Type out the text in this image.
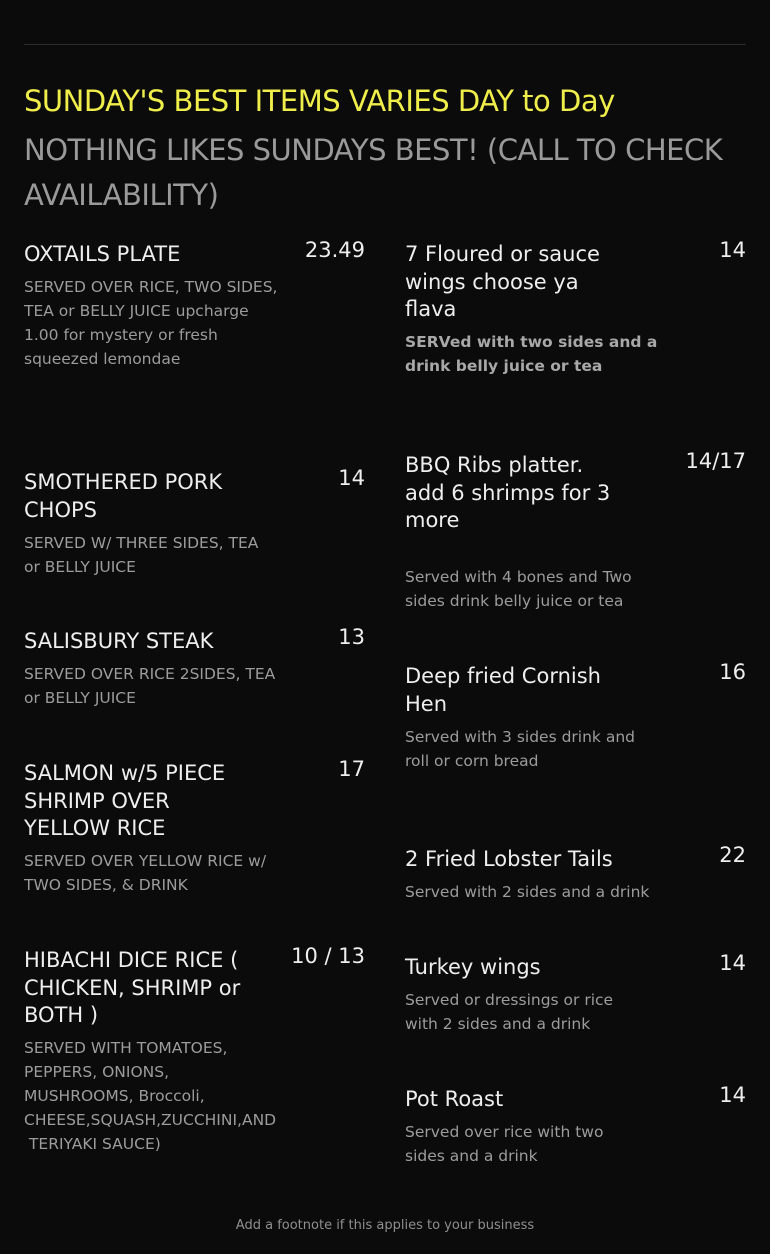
SUNDAY'S BEST ITEMS VARIES DAY to Day
NOTHING LIKES SUNDAYS BEST! (CALL TO CHECK AVAILABILITY)
OXTAILS PLATE	23.49
SERVED OVER RICE, TWO SIDES,
TEA or BELLY JUICE upcharge
1.00 for mystery or fresh
squeezed lemondae
SMOTHERED PORK
CHOPS
14
SERVED W/ THREE SIDES, TEA
or BELLY JUICE
SALISBURY STEAK	13
SERVED OVER RICE 2SIDES, TEA
or BELLY JUICE
SALMON w/5 PIECE
SHRIMP OVER
YELLOW RICE
17
SERVED OVER YELLOW RICE w/
TWO SIDES, & DRINK
HIBACHI DICE RICE (
CHICKEN, SHRIMP or
BOTH )
10 / 13
SERVED WITH TOMATOES,
PEPPERS, ONIONS,
MUSHROOMS, Broccoli,
CHEESE,SQUASH,ZUCCHINI,AND
TERIYAKI SAUCE)
7 Floured or sauce
wings choose ya
flava
14
SERVed with two sides and a
drink belly juice or tea
BBQ Ribs platter.
add 6 shrimps for 3
more
14/17
Served with 4 bones and Two
sides drink belly juice or tea
Deep fried Cornish
Hen
16
Served with 3 sides drink and
roll or corn bread
2 Fried Lobster Tails	22
Served with 2 sides and a drink
Turkey wings	14
Served or dressings or rice
with 2 sides and a drink
Pot Roast	14
Served over rice with two
sides and a drink
Add a footnote if this applies to your business
